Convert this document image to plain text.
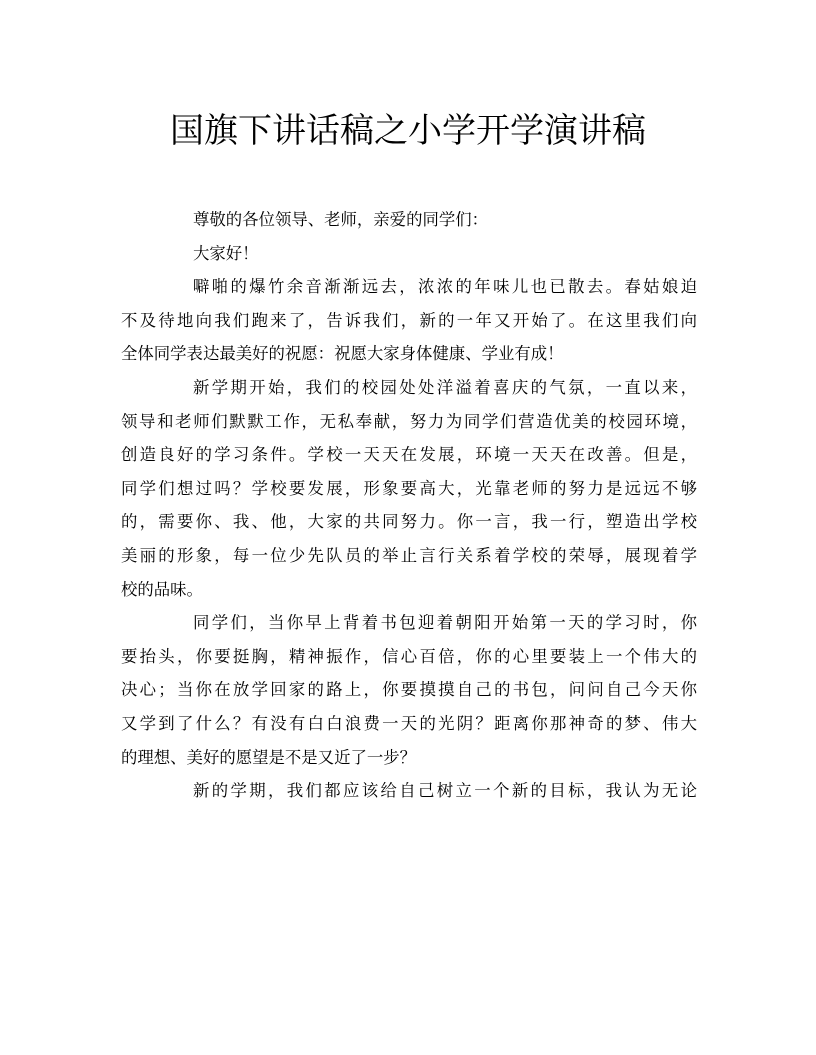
国旗下讲话稿之小学开学演讲稿

尊敬的各位领导、老师，亲爱的同学们：

大家好！

噼啪的爆竹余音渐渐远去，浓浓的年味儿也已散去。春姑娘迫
不及待地向我们跑来了，告诉我们，新的一年又开始了。在这里我们向
全体同学表达最美好的祝愿：祝愿大家身体健康、学业有成！

新学期开始，我们的校园处处洋溢着喜庆的气氛，一直以来，
领导和老师们默默工作，无私奉献，努力为同学们营造优美的校园环境，
创造良好的学习条件。学校一天天在发展，环境一天天在改善。但是，
同学们想过吗？学校要发展，形象要高大，光靠老师的努力是远远不够
的，需要你、我、他，大家的共同努力。你一言，我一行，塑造出学校
美丽的形象，每一位少先队员的举止言行关系着学校的荣辱，展现着学
校的品味。

同学们，当你早上背着书包迎着朝阳开始第一天的学习时，你
要抬头，你要挺胸，精神振作，信心百倍，你的心里要装上一个伟大的
决心；当你在放学回家的路上，你要摸摸自己的书包，问问自己今天你
又学到了什么？有没有白白浪费一天的光阴？距离你那神奇的梦、伟大
的理想、美好的愿望是不是又近了一步？

新的学期，我们都应该给自己树立一个新的目标，我认为无论
